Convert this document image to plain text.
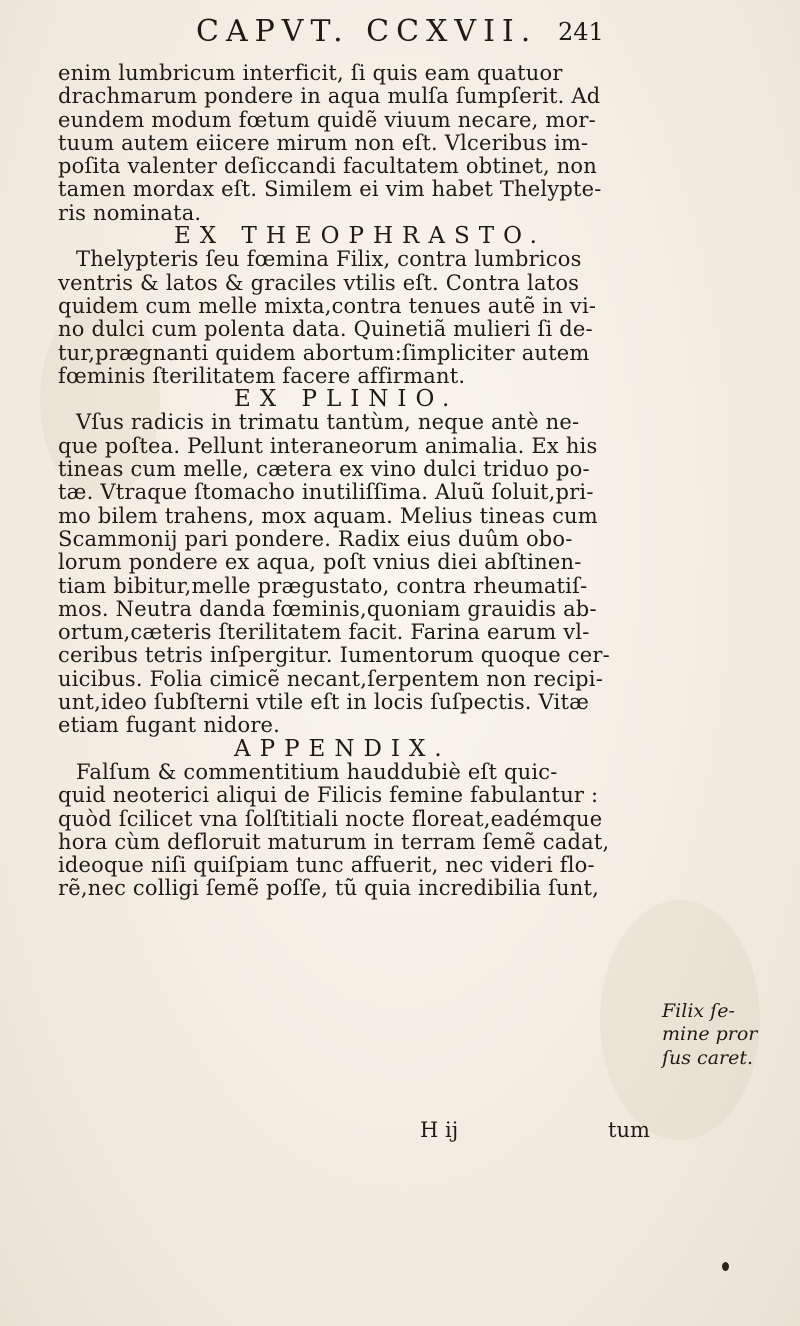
CAPVT. CCXVII. 241
enim lumbricum interficit, ſi quis eam quatuor
drachmarum pondere in aqua mulſa ſumpſerit. Ad
eundem modum fœtum quidẽ viuum necare, mor-
tuum autem eiicere mirum non eſt. Vlceribus im-
poſita valenter deſiccandi facultatem obtinet, non
tamen mordax eſt. Similem ei vim habet Thelypte-
ris nominata.
EX THEOPHRASTO.
Thelypteris ſeu fœmina Filix, contra lumbricos
ventris & latos & graciles vtilis eſt. Contra latos
quidem cum melle mixta,contra tenues autẽ in vi-
no dulci cum polenta data. Quinetiã mulieri ſi de-
tur,prægnanti quidem abortum:ſimpliciter autem
fœminis ſterilitatem facere affirmant.
EX PLINIO.
Vſus radicis in trimatu tantùm, neque antè ne-
que poſtea. Pellunt interaneorum animalia. Ex his
tineas cum melle, cætera ex vino dulci triduo po-
tæ. Vtraque ſtomacho inutiliſſima. Aluũ ſoluit,pri-
mo bilem trahens, mox aquam. Melius tineas cum
Scammonij pari pondere. Radix eius duûm obo-
lorum pondere ex aqua, poſt vnius diei abſtinen-
tiam bibitur,melle prægustato, contra rheumatiſ-
mos. Neutra danda fœminis,quoniam grauidis ab-
ortum,cæteris ſterilitatem facit. Farina earum vl-
ceribus tetris inſpergitur. Iumentorum quoque cer-
uicibus. Folia cimicẽ necant,ſerpentem non recipi-
unt,ideo ſubſterni vtile eſt in locis ſuſpectis. Vitæ
etiam fugant nidore.
APPENDIX.
Falſum & commentitium hauddubiè eſt quic-
quid neoterici aliqui de Filicis femine fabulantur :
quòd ſcilicet vna ſolſtitiali nocte floreat,eadémque
hora cùm defloruit maturum in terram ſemẽ cadat,
ideoque niſi quiſpiam tunc affuerit, nec videri flo-
rẽ,nec colligi ſemẽ poſſe, tũ quia incredibilia ſunt,
Filix ſe-
mine pror
ſus caret.
H ij	tum
